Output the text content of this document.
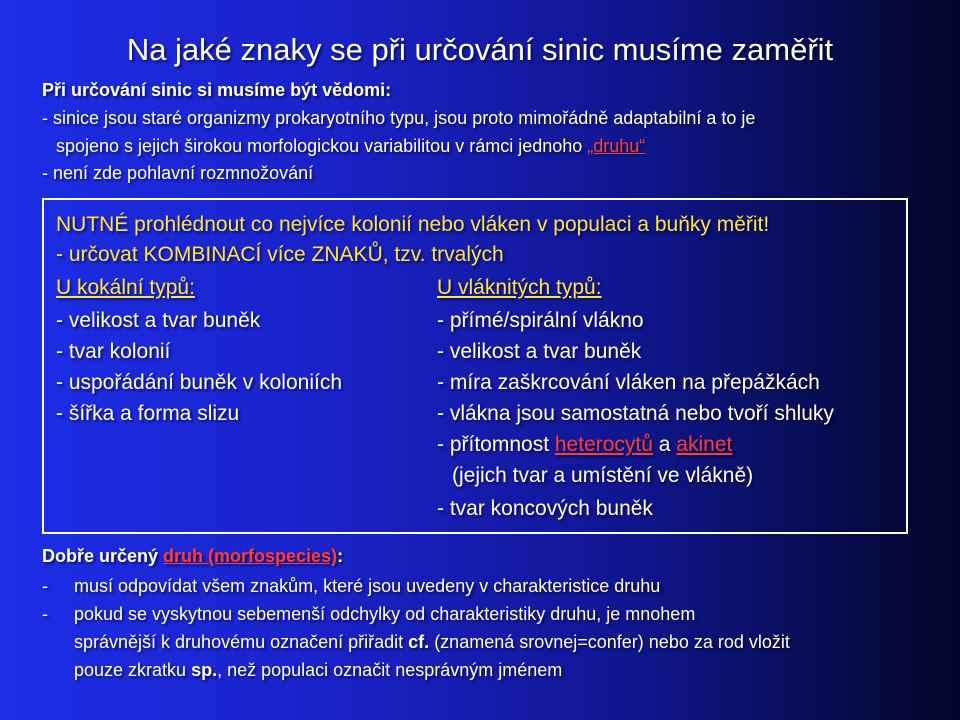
Na jaké znaky se při určování sinic musíme zaměřit
Při určování sinic si musíme být vědomi:
- sinice jsou staré organizmy prokaryotního typu, jsou proto mimořádně adaptabilní a to je
spojeno s jejich širokou morfologickou variabilitou v rámci jednoho „druhu“
- není zde pohlavní rozmnožování
NUTNÉ prohlédnout co nejvíce kolonií nebo vláken v populaci a buňky měřit!
- určovat KOMBINACÍ více ZNAKŮ, tzv. trvalých
U kokální typů:
- velikost a tvar buněk
- tvar kolonií
- uspořádání buněk v koloniích
- šířka a forma slizu
U vláknitých typů:
- přímé/spirální vlákno
- velikost a tvar buněk
- míra zaškrcování vláken na přepážkách
- vlákna jsou samostatná nebo tvoří shluky
- přítomnost heterocytů a akinet
(jejich tvar a umístění ve vlákně)
- tvar koncových buněk
Dobře určený druh (morfospecies):
- musí odpovídat všem znakům, které jsou uvedeny v charakteristice druhu
- pokud se vyskytnou sebemenší odchylky od charakteristiky druhu, je mnohem
správnější k druhovému označení přiřadit cf. (znamená srovnej=confer) nebo za rod vložit
pouze zkratku sp., než populaci označit nesprávným jménem
